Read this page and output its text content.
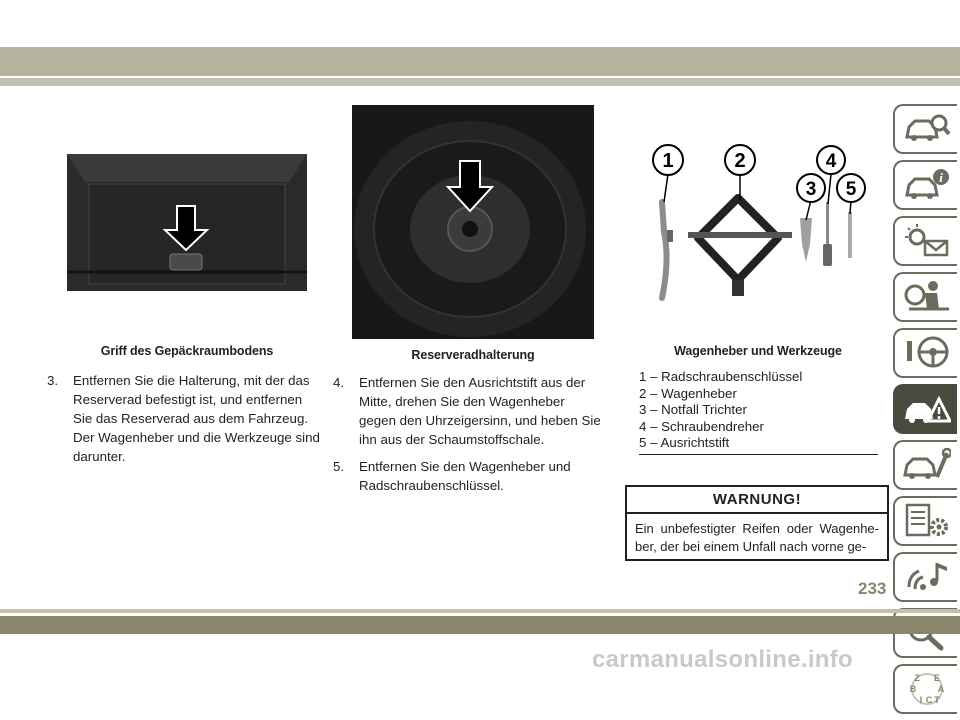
Griff des Gepäckraumbodens	Reserveradhalterung
1	2
3
4
5
Wagenheber und Werkzeuge

3. Entfernen Sie die Halterung, mit der das Reserverad befestigt ist, und entfernen Sie das Reserverad aus dem Fahrzeug. Der Wagenheber und die Werkzeuge sind darunter.

4. Entfernen Sie den Ausrichtstift aus der Mitte, drehen Sie den Wagenheber gegen den Uhrzeigersinn, und heben Sie ihn aus der Schaumstoffschale.

5. Entfernen Sie den Wagenheber und Radschraubenschlüssel.

1 – Radschraubenschlüssel
2 – Wagenheber
3 – Notfall Trichter
4 – Schraubendreher
5 – Ausrichtstift
WARNUNG!
Ein unbefestigter Reifen oder Wagenhe-ber, der bei einem Unfall nach vorne ge-
i
Z E
B A
I C T
233
carmanualsonline.info
